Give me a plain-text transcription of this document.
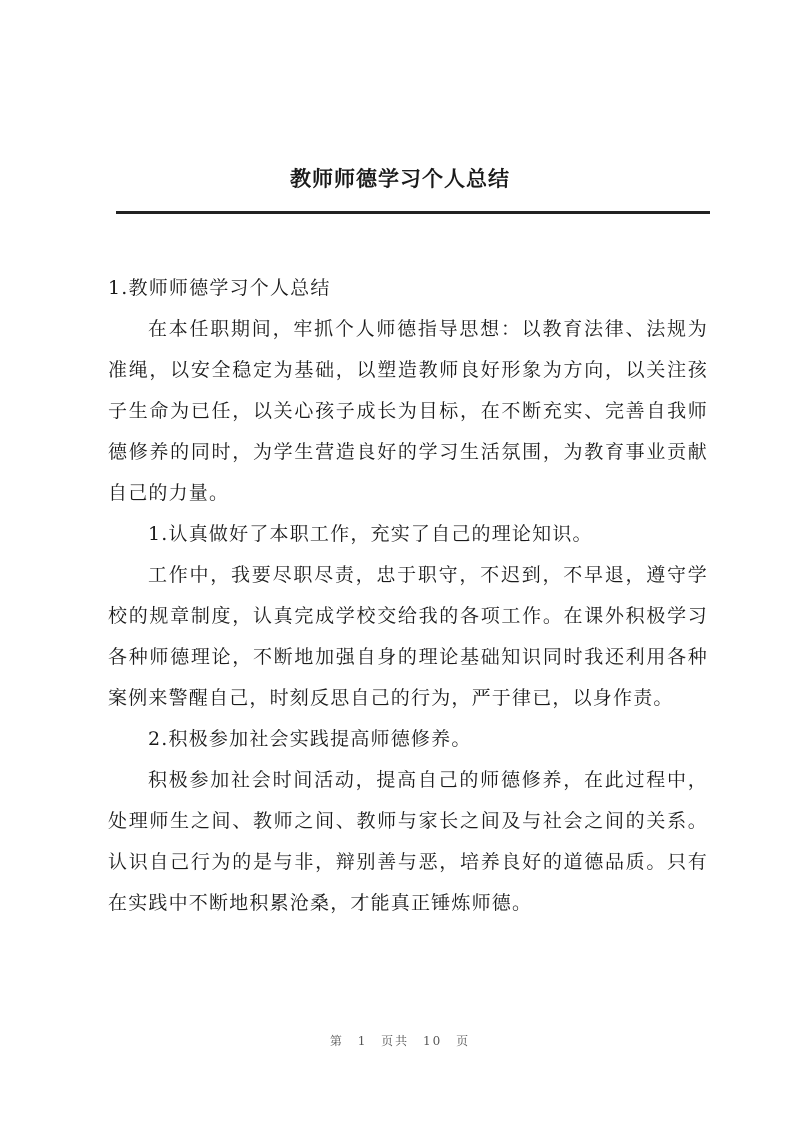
教师师德学习个人总结

1.教师师德学习个人总结

在本任职期间，牢抓个人师德指导思想：以教育法律、法规为准绳，以安全稳定为基础，以塑造教师良好形象为方向，以关注孩子生命为已任，以关心孩子成长为目标，在不断充实、完善自我师德修养的同时，为学生营造良好的学习生活氛围，为教育事业贡献自己的力量。

1.认真做好了本职工作，充实了自己的理论知识。

工作中，我要尽职尽责，忠于职守，不迟到，不早退，遵守学校的规章制度，认真完成学校交给我的各项工作。在课外积极学习各种师德理论，不断地加强自身的理论基础知识同时我还利用各种案例来警醒自己，时刻反思自己的行为，严于律已，以身作责。

2.积极参加社会实践提高师德修养。

积极参加社会时间活动，提高自己的师德修养，在此过程中，处理师生之间、教师之间、教师与家长之间及与社会之间的关系。认识自己行为的是与非，辩别善与恶，培养良好的道德品质。只有在实践中不断地积累沧桑，才能真正锤炼师德。

第 1 页共 10 页
